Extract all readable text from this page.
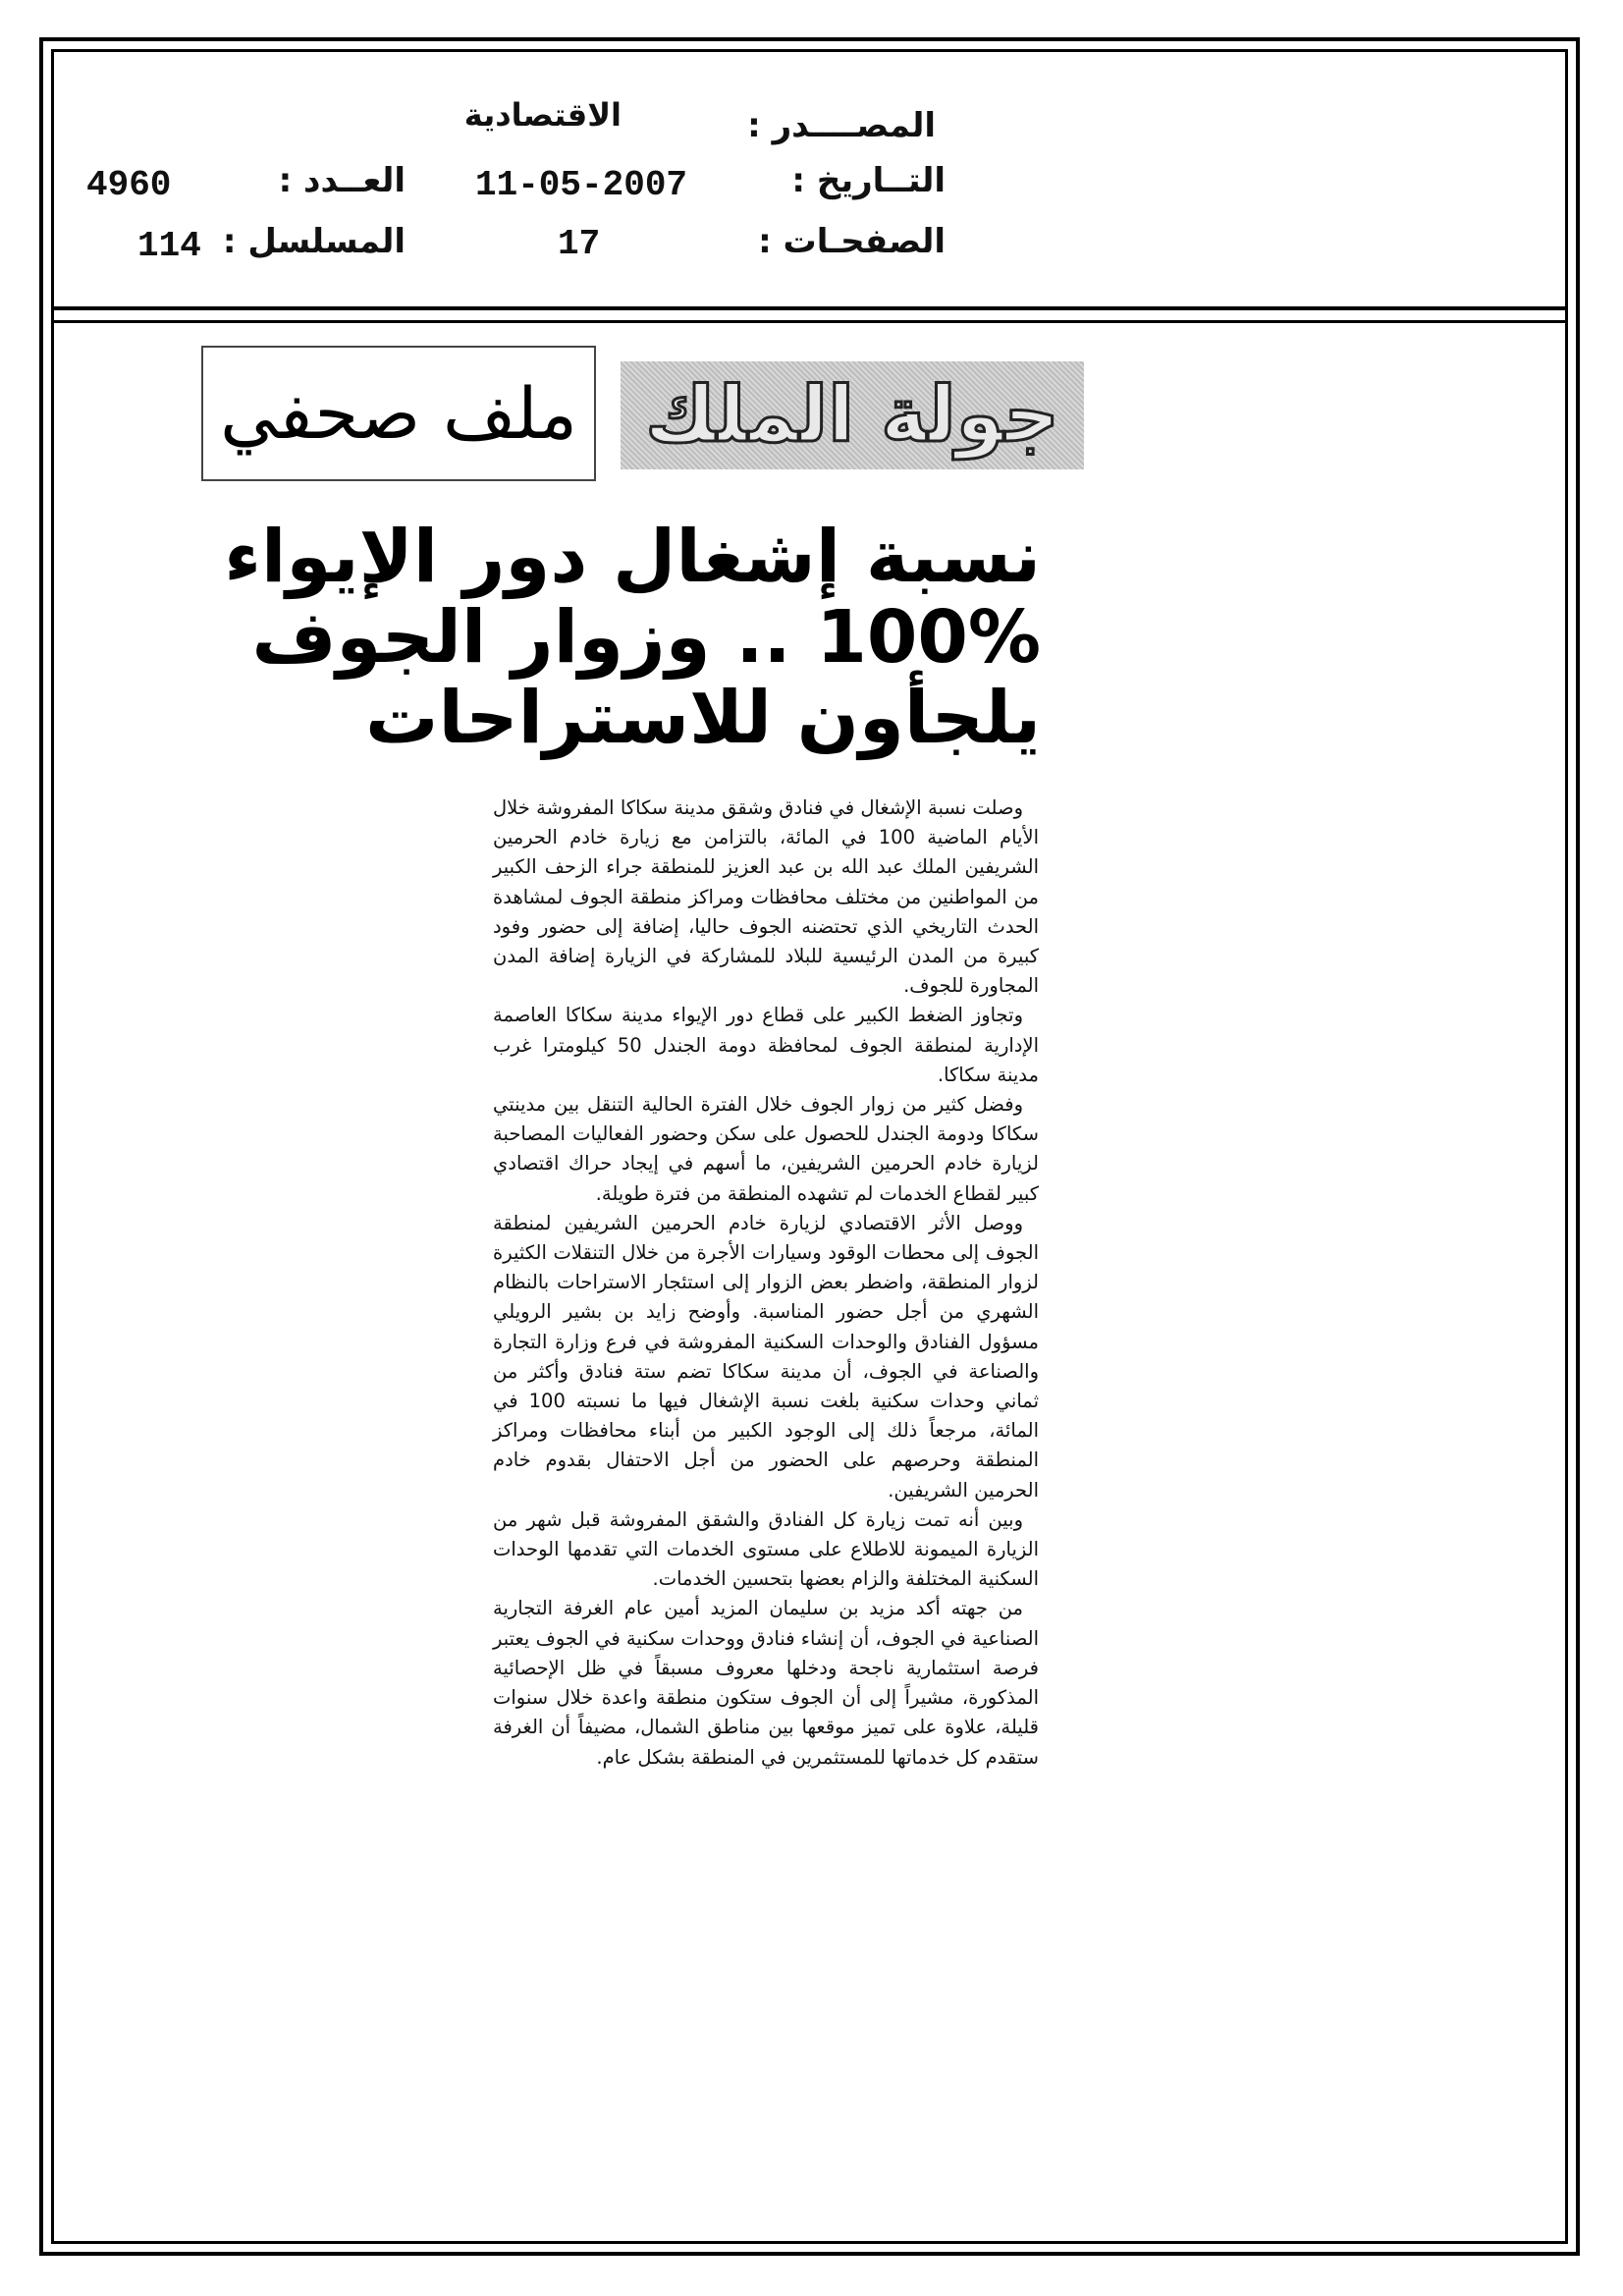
المصــــدر :
التــاريخ :
الصفحـات :
الاقتصادية
11-05-2007
17
العــدد :
المسلسل :
4960
114
جولة الملك
ملف صحفي
نسبة إشغال دور الإيواء
100% .. وزوار الجوف
يلجأون للاستراحات

وصلت نسبة الإشغال في فنادق وشقق مدينة سكاكا المفروشة خلال الأيام الماضية 100 في المائة، بالتزامن مع زيارة خادم الحرمين الشريفين الملك عبد الله بن عبد العزيز للمنطقة جراء الزحف الكبير من المواطنين من مختلف محافظات ومراكز منطقة الجوف لمشاهدة الحدث التاريخي الذي تحتضنه الجوف حاليا، إضافة إلى حضور وفود كبيرة من المدن الرئيسية للبلاد للمشاركة في الزيارة إضافة المدن المجاورة للجوف.

وتجاوز الضغط الكبير على قطاع دور الإيواء مدينة سكاكا العاصمة الإدارية لمنطقة الجوف لمحافظة دومة الجندل 50 كيلومترا غرب مدينة سكاكا.

وفضل كثير من زوار الجوف خلال الفترة الحالية التنقل بين مدينتي سكاكا ودومة الجندل للحصول على سكن وحضور الفعاليات المصاحبة لزيارة خادم الحرمين الشريفين، ما أسهم في إيجاد حراك اقتصادي كبير لقطاع الخدمات لم تشهده المنطقة من فترة طويلة.

ووصل الأثر الاقتصادي لزيارة خادم الحرمين الشريفين لمنطقة الجوف إلى محطات الوقود وسيارات الأجرة من خلال التنقلات الكثيرة لزوار المنطقة، واضطر بعض الزوار إلى استئجار الاستراحات بالنظام الشهري من أجل حضور المناسبة. وأوضح زايد بن بشير الرويلي مسؤول الفنادق والوحدات السكنية المفروشة في فرع وزارة التجارة والصناعة في الجوف، أن مدينة سكاكا تضم ستة فنادق وأكثر من ثماني وحدات سكنية بلغت نسبة الإشغال فيها ما نسبته 100 في المائة، مرجعاً ذلك إلى الوجود الكبير من أبناء محافظات ومراكز المنطقة وحرصهم على الحضور من أجل الاحتفال بقدوم خادم الحرمين الشريفين.

وبين أنه تمت زيارة كل الفنادق والشقق المفروشة قبل شهر من الزيارة الميمونة للاطلاع على مستوى الخدمات التي تقدمها الوحدات السكنية المختلفة والزام بعضها بتحسين الخدمات.

من جهته أكد مزيد بن سليمان المزيد أمين عام الغرفة التجارية الصناعية في الجوف، أن إنشاء فنادق ووحدات سكنية في الجوف يعتبر فرصة استثمارية ناجحة ودخلها معروف مسبقاً في ظل الإحصائية المذكورة، مشيراً إلى أن الجوف ستكون منطقة واعدة خلال سنوات قليلة، علاوة على تميز موقعها بين مناطق الشمال، مضيفاً أن الغرفة ستقدم كل خدماتها للمستثمرين في المنطقة بشكل عام.
